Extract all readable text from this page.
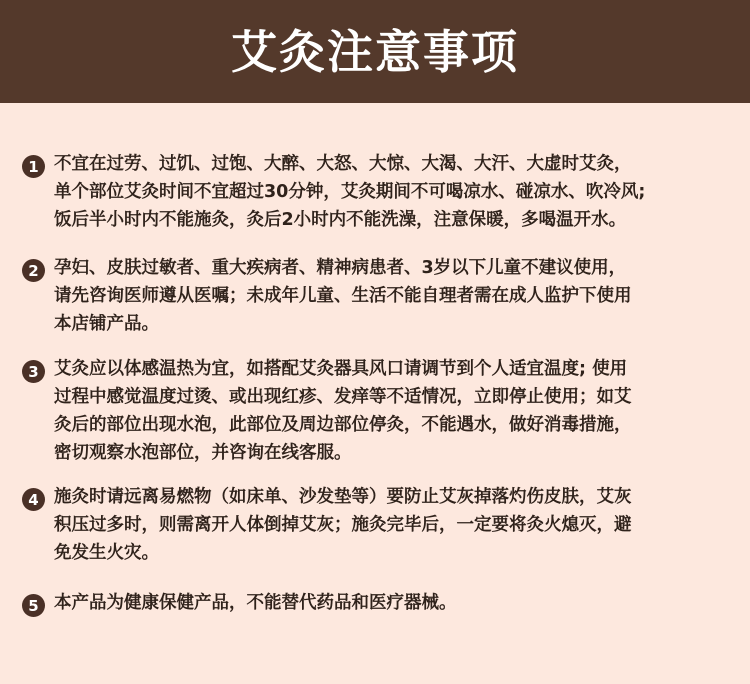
艾灸注意事项
1 不宜在过劳、过饥、过饱、大醉、大怒、大惊、大渴、大汗、大虚时艾灸，
单个部位艾灸时间不宜超过30分钟，艾灸期间不可喝凉水、碰凉水、吹冷风;
饭后半小时内不能施灸，灸后2小时内不能洗澡，注意保暖，多喝温开水。
2 孕妇、皮肤过敏者、重大疾病者、精神病患者、3岁以下儿童不建议使用，
请先咨询医师遵从医嘱；未成年儿童、生活不能自理者需在成人监护下使用
本店铺产品。
3 艾灸应以体感温热为宜，如搭配艾灸器具风口请调节到个人适宜温度; 使用
过程中感觉温度过烫、或出现红疹、发痒等不适情况，立即停止使用；如艾
灸后的部位出现水泡，此部位及周边部位停灸，不能遇水，做好消毒措施，
密切观察水泡部位，并咨询在线客服。
4 施灸时请远离易燃物（如床单、沙发垫等）要防止艾灰掉落灼伤皮肤，艾灰
积压过多时，则需离开人体倒掉艾灰；施灸完毕后，一定要将灸火熄灭，避
免发生火灾。
5 本产品为健康保健产品，不能替代药品和医疗器械。
